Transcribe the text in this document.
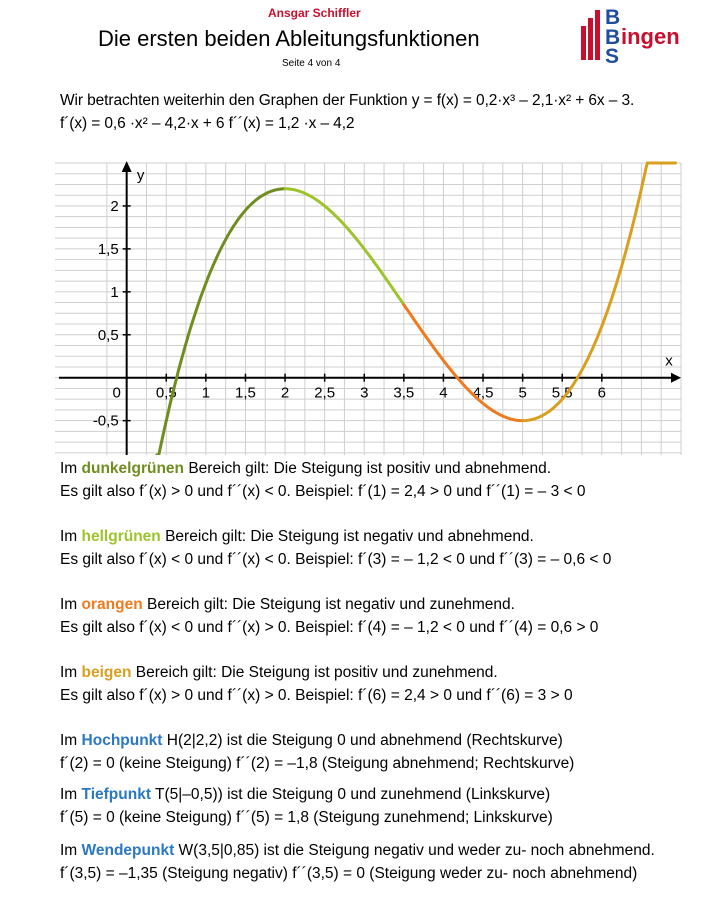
Ansgar Schiffler
Die ersten beiden Ableitungsfunktionen
Seite 4 von 4
B
B
S
ingen
Wir betrachten weiterhin den Graphen der Funktion y = f(x) = 0,2·x³ – 2,1·x² + 6x – 3.
f´(x) = 0,6 ·x² – 4,2·x + 6 f´´(x) = 1,2 ·x – 4,2
x
y
0 0,5 1 1,5 2 2,5 3 3,5 4 4,5 5 5,5 6
-0,5
0,5
1
1,5
2
Im dunkelgrünen Bereich gilt: Die Steigung ist positiv und abnehmend.
Es gilt also f´(x) > 0 und f´´(x) < 0. Beispiel: f´(1) = 2,4 > 0 und f´´(1) = – 3 < 0
Im hellgrünen Bereich gilt: Die Steigung ist negativ und abnehmend.
Es gilt also f´(x) < 0 und f´´(x) < 0. Beispiel: f´(3) = – 1,2 < 0 und f´´(3) = – 0,6 < 0
Im orangen Bereich gilt: Die Steigung ist negativ und zunehmend.
Es gilt also f´(x) < 0 und f´´(x) > 0. Beispiel: f´(4) = – 1,2 < 0 und f´´(4) = 0,6 > 0
Im beigen Bereich gilt: Die Steigung ist positiv und zunehmend.
Es gilt also f´(x) > 0 und f´´(x) > 0. Beispiel: f´(6) = 2,4 > 0 und f´´(6) = 3 > 0
Im Hochpunkt H(2|2,2) ist die Steigung 0 und abnehmend (Rechtskurve)
f´(2) = 0 (keine Steigung) f´´(2) = –1,8 (Steigung abnehmend; Rechtskurve)
Im Tiefpunkt T(5|–0,5)) ist die Steigung 0 und zunehmend (Linkskurve)
f´(5) = 0 (keine Steigung) f´´(5) = 1,8 (Steigung zunehmend; Linkskurve)
Im Wendepunkt W(3,5|0,85) ist die Steigung negativ und weder zu- noch abnehmend.
f´(3,5) = –1,35 (Steigung negativ) f´´(3,5) = 0 (Steigung weder zu- noch abnehmend)
